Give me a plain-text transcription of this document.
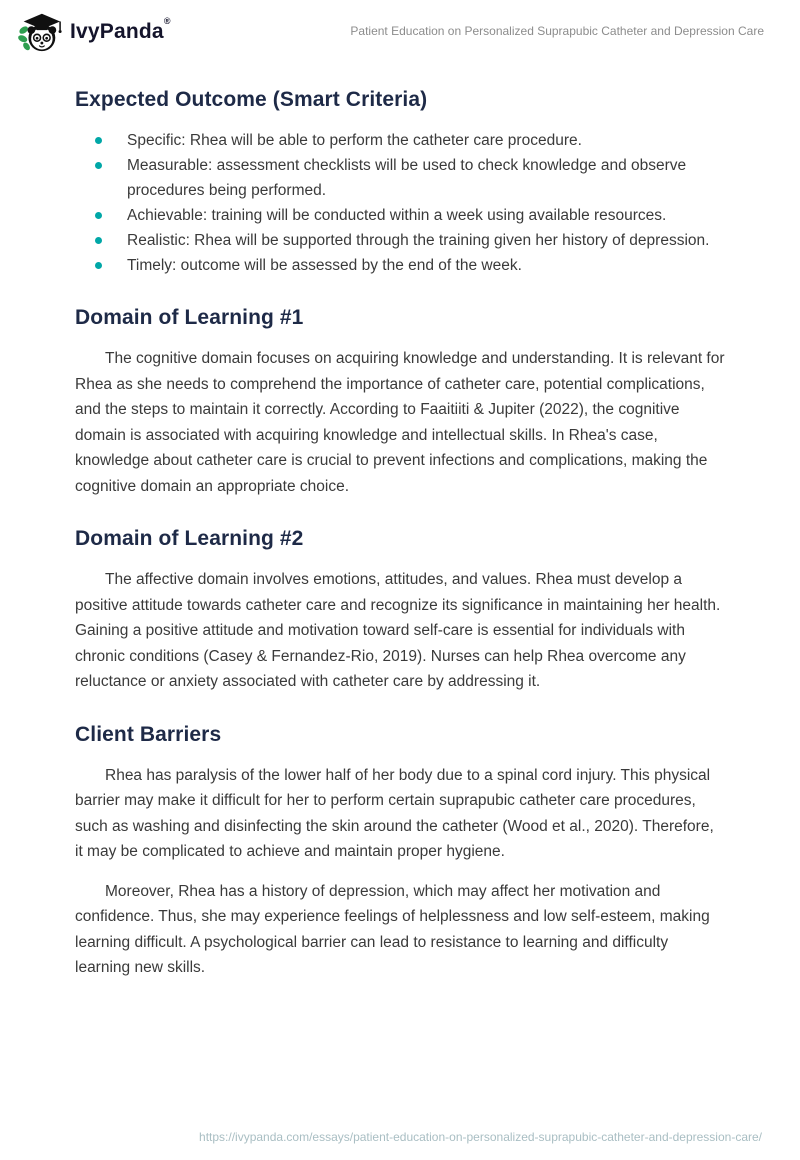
IvyPanda®
Patient Education on Personalized Suprapubic Catheter and Depression Care
Expected Outcome (Smart Criteria)
Specific: Rhea will be able to perform the catheter care procedure.
Measurable: assessment checklists will be used to check knowledge and observe procedures being performed.
Achievable: training will be conducted within a week using available resources.
Realistic: Rhea will be supported through the training given her history of depression.
Timely: outcome will be assessed by the end of the week.
Domain of Learning #1

The cognitive domain focuses on acquiring knowledge and understanding. It is relevant for Rhea as she needs to comprehend the importance of catheter care, potential complications, and the steps to maintain it correctly. According to Faaitiiti & Jupiter (2022), the cognitive domain is associated with acquiring knowledge and intellectual skills. In Rhea's case, knowledge about catheter care is crucial to prevent infections and complications, making the cognitive domain an appropriate choice.

Domain of Learning #2

The affective domain involves emotions, attitudes, and values. Rhea must develop a positive attitude towards catheter care and recognize its significance in maintaining her health. Gaining a positive attitude and motivation toward self-care is essential for individuals with chronic conditions (Casey & Fernandez-Rio, 2019). Nurses can help Rhea overcome any reluctance or anxiety associated with catheter care by addressing it.

Client Barriers

Rhea has paralysis of the lower half of her body due to a spinal cord injury. This physical barrier may make it difficult for her to perform certain suprapubic catheter care procedures, such as washing and disinfecting the skin around the catheter (Wood et al., 2020). Therefore, it may be complicated to achieve and maintain proper hygiene.

Moreover, Rhea has a history of depression, which may affect her motivation and confidence. Thus, she may experience feelings of helplessness and low self-esteem, making learning difficult. A psychological barrier can lead to resistance to learning and difficulty learning new skills.

https://ivypanda.com/essays/patient-education-on-personalized-suprapubic-catheter-and-depression-care/
